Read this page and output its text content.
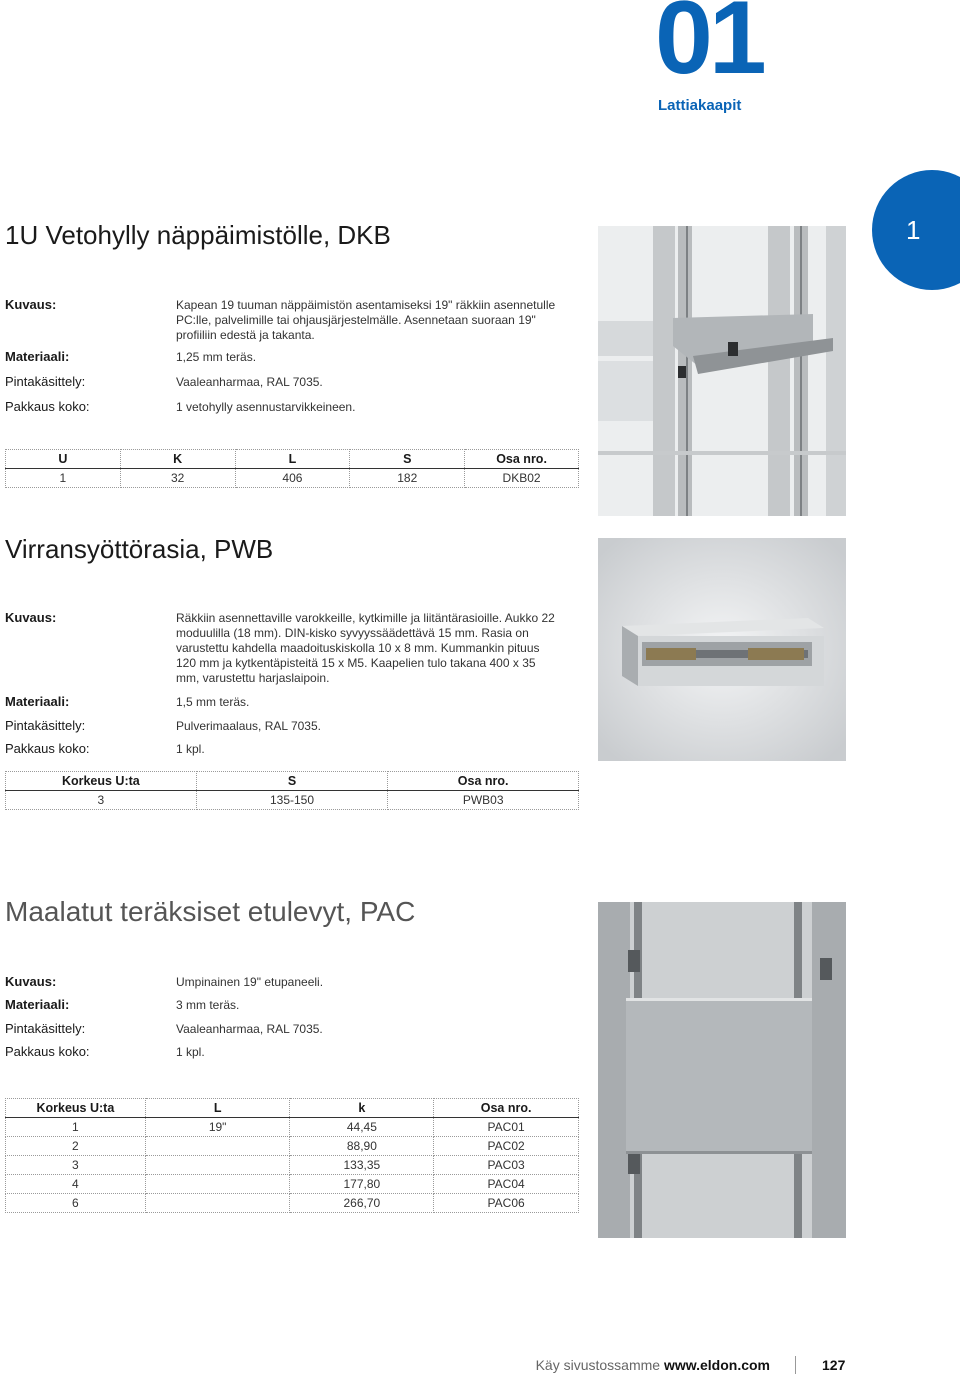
01
Lattiakaapit
1
1U Vetohylly näppäimistölle, DKB
Kuvaus:	Kapean 19 tuuman näppäimistön asentamiseksi 19" räkkiin asennetulle PC:lle, palvelimille tai ohjausjärjestelmälle. Asennetaan suoraan 19" profiiliin edestä ja takanta.
Materiaali:	1,25 mm teräs.
Pintakäsittely:	Vaaleanharmaa, RAL 7035.
Pakkaus koko:	1 vetohylly asennustarvikkeineen.
U	K	L	S	Osa nro.
1	32	406	182	DKB02
Virransyöttörasia, PWB
Kuvaus:	Räkkiin asennettaville varokkeille, kytkimille ja liitäntärasioille. Aukko 22 moduulilla (18 mm). DIN-kisko syvyyssäädettävä 15 mm. Rasia on varustettu kahdella maadoituskiskolla 10 x 8 mm. Kummankin pituus 120 mm ja kytkentäpisteitä 15 x M5. Kaapelien tulo takana 400 x 35 mm, varustettu harjaslaipoin.
Materiaali:	1,5 mm teräs.
Pintakäsittely:	Pulverimaalaus, RAL 7035.
Pakkaus koko:	1 kpl.
Korkeus U:ta	S	Osa nro.
3	135-150	PWB03
Maalatut teräksiset etulevyt, PAC
Kuvaus:	Umpinainen 19" etupaneeli.
Materiaali:	3 mm teräs.
Pintakäsittely:	Vaaleanharmaa, RAL 7035.
Pakkaus koko:	1 kpl.
Korkeus U:ta	L	k	Osa nro.
1	19"	44,45	PAC01
2		88,90	PAC02
3		133,35	PAC03
4		177,80	PAC04
6		266,70	PAC06
Käy sivustossamme www.eldon.com	127
